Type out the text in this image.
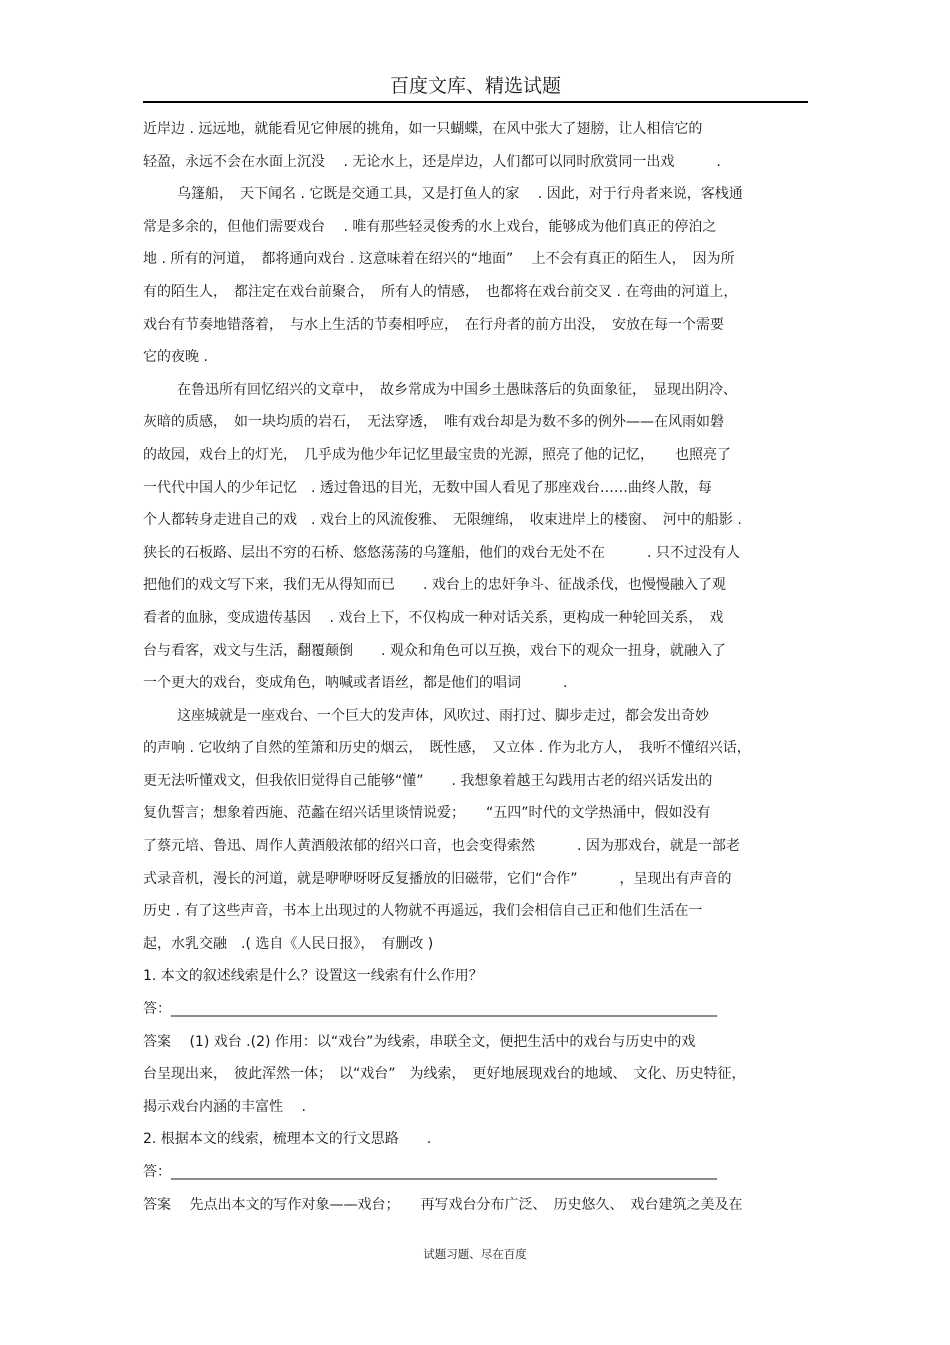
百度文库、精选试题
近岸边 . 远远地，就能看见它伸展的挑角，如一只蝴蝶，在风中张大了翅膀，让人相信它的
轻盈，永远不会在水面上沉没　 . 无论水上，还是岸边，人们都可以同时欣赏同一出戏　　　.
乌篷船，　天下闻名 . 它既是交通工具，又是打鱼人的家　 . 因此，对于行舟者来说，客栈通
常是多余的，但他们需要戏台　 . 唯有那些轻灵俊秀的水上戏台，能够成为他们真正的停泊之
地 . 所有的河道，　都将通向戏台 . 这意味着在绍兴的“地面”　 上不会有真正的陌生人，　因为所
有的陌生人，　都注定在戏台前聚合，　所有人的情感，　也都将在戏台前交叉 . 在弯曲的河道上，
戏台有节奏地错落着，　与水上生活的节奏相呼应，　在行舟者的前方出没，　安放在每一个需要
它的夜晚 .
在鲁迅所有回忆绍兴的文章中，　故乡常成为中国乡土愚昧落后的负面象征，　显现出阴冷、
灰暗的质感，　如一块均质的岩石，　无法穿透，　唯有戏台却是为数不多的例外——在风雨如磐
的故园，戏台上的灯光，　几乎成为他少年记忆里最宝贵的光源，照亮了他的记忆，　　也照亮了
一代代中国人的少年记忆　. 透过鲁迅的目光，无数中国人看见了那座戏台……曲终人散，每
个人都转身走进自己的戏　. 戏台上的风流俊雅、　无限缠绵，　收束进岸上的楼窗、　河中的船影 .
狭长的石板路、层出不穷的石桥、悠悠荡荡的乌篷船，他们的戏台无处不在　　　. 只不过没有人
把他们的戏文写下来，我们无从得知而已　　. 戏台上的忠奸争斗、征战杀伐，也慢慢融入了观
看者的血脉，变成遗传基因　 . 戏台上下，不仅构成一种对话关系，更构成一种轮回关系，　戏
台与看客，戏文与生活，翻覆颠倒　　. 观众和角色可以互换，戏台下的观众一扭身，就融入了
一个更大的戏台，变成角色，呐喊或者语丝，都是他们的唱词　　　.
这座城就是一座戏台、一个巨大的发声体，风吹过、雨打过、脚步走过，都会发出奇妙
的声响 . 它收纳了自然的笙箫和历史的烟云，　既性感，　又立体 . 作为北方人，　我听不懂绍兴话，
更无法听懂戏文，但我依旧觉得自己能够“懂”　　. 我想象着越王勾践用古老的绍兴话发出的
复仇誓言；想象着西施、范蠡在绍兴话里谈情说爱；　　“五四”时代的文学热涌中，假如没有
了蔡元培、鲁迅、周作人黄酒般浓郁的绍兴口音，也会变得索然　　　. 因为那戏台，就是一部老
式录音机，漫长的河道，就是咿咿呀呀反复播放的旧磁带，它们“合作”　　　，呈现出有声音的
历史 . 有了这些声音，书本上出现过的人物就不再遥远，我们会相信自己正和他们生活在一
起，水乳交融　.( 选自《人民日报》，　有删改 )
1. 本文的叙述线索是什么？设置这一线索有什么作用？
答：______________________________________________________________________________
答案　 (1) 戏台 .(2) 作用：以“戏台”为线索，串联全文，便把生活中的戏台与历史中的戏
台呈现出来，　彼此浑然一体；　以“戏台”　为线索，　更好地展现戏台的地域、　文化、历史特征，
揭示戏台内涵的丰富性　 .
2. 根据本文的线索，梳理本文的行文思路　　.
答：______________________________________________________________________________
答案　 先点出本文的写作对象——戏台；　　再写戏台分布广泛、　历史悠久、　戏台建筑之美及在
试题习题、尽在百度
